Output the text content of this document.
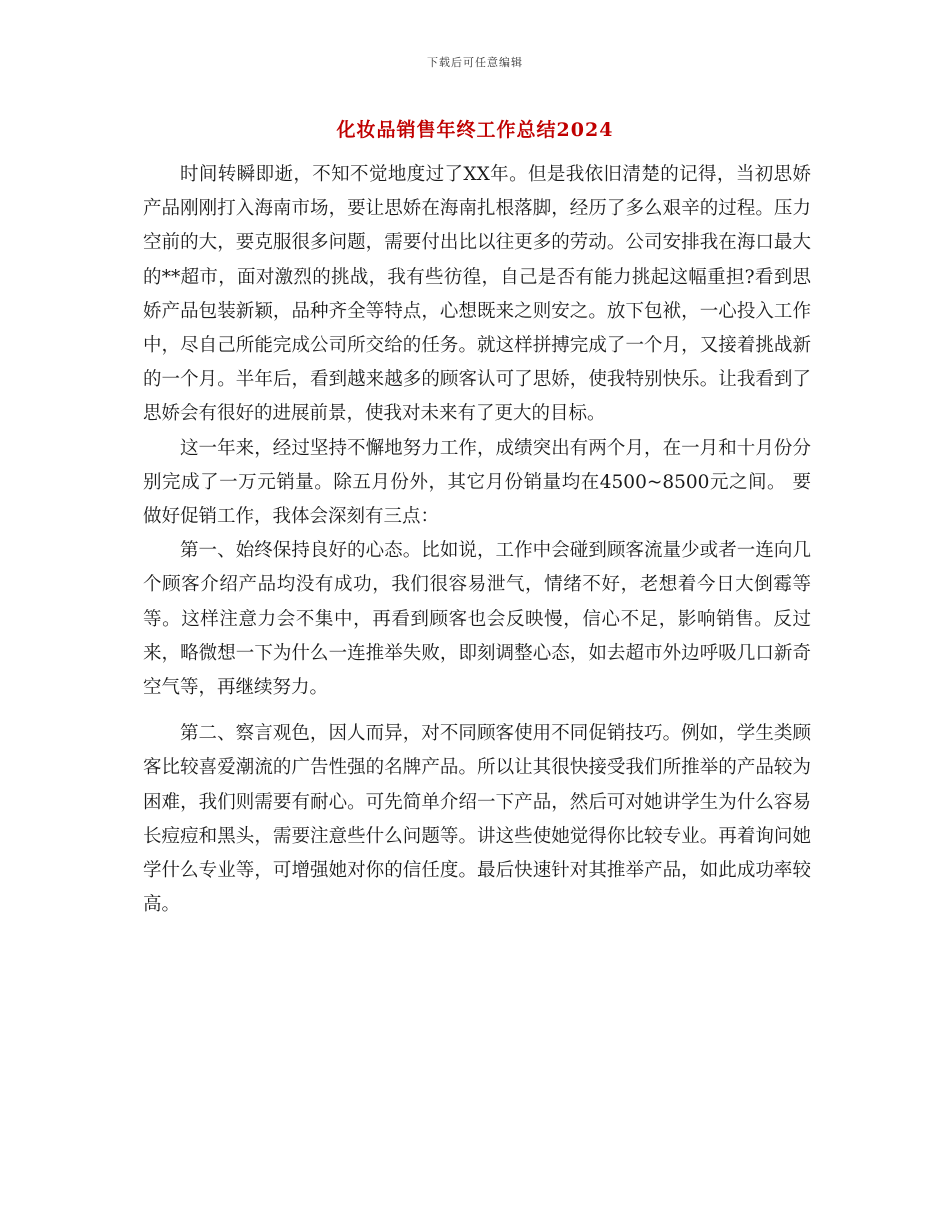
下载后可任意编辑
化妆品销售年终工作总结2024

时间转瞬即逝，不知不觉地度过了XX年。但是我依旧清楚的记得，当初思娇产品刚刚打入海南市场，要让思娇在海南扎根落脚，经历了多么艰辛的过程。压力空前的大，要克服很多问题，需要付出比以往更多的劳动。公司安排我在海口最大的**超市，面对激烈的挑战，我有些彷徨，自己是否有能力挑起这幅重担?看到思娇产品包装新颖，品种齐全等特点，心想既来之则安之。放下包袱，一心投入工作中，尽自己所能完成公司所交给的任务。就这样拼搏完成了一个月，又接着挑战新的一个月。半年后，看到越来越多的顾客认可了思娇，使我特别快乐。让我看到了思娇会有很好的进展前景，使我对未来有了更大的目标。

这一年来，经过坚持不懈地努力工作，成绩突出有两个月，在一月和十月份分别完成了一万元销量。除五月份外，其它月份销量均在4500~8500元之间。 要做好促销工作，我体会深刻有三点：

第一、始终保持良好的心态。比如说，工作中会碰到顾客流量少或者一连向几个顾客介绍产品均没有成功，我们很容易泄气，情绪不好，老想着今日大倒霉等等。这样注意力会不集中，再看到顾客也会反映慢，信心不足，影响销售。反过来，略微想一下为什么一连推举失败，即刻调整心态，如去超市外边呼吸几口新奇空气等，再继续努力。

第二、察言观色，因人而异，对不同顾客使用不同促销技巧。例如，学生类顾客比较喜爱潮流的广告性强的名牌产品。所以让其很快接受我们所推举的产品较为困难，我们则需要有耐心。可先简单介绍一下产品，然后可对她讲学生为什么容易长痘痘和黑头，需要注意些什么问题等。讲这些使她觉得你比较专业。再着询问她学什么专业等，可增强她对你的信任度。最后快速针对其推举产品，如此成功率较高。
